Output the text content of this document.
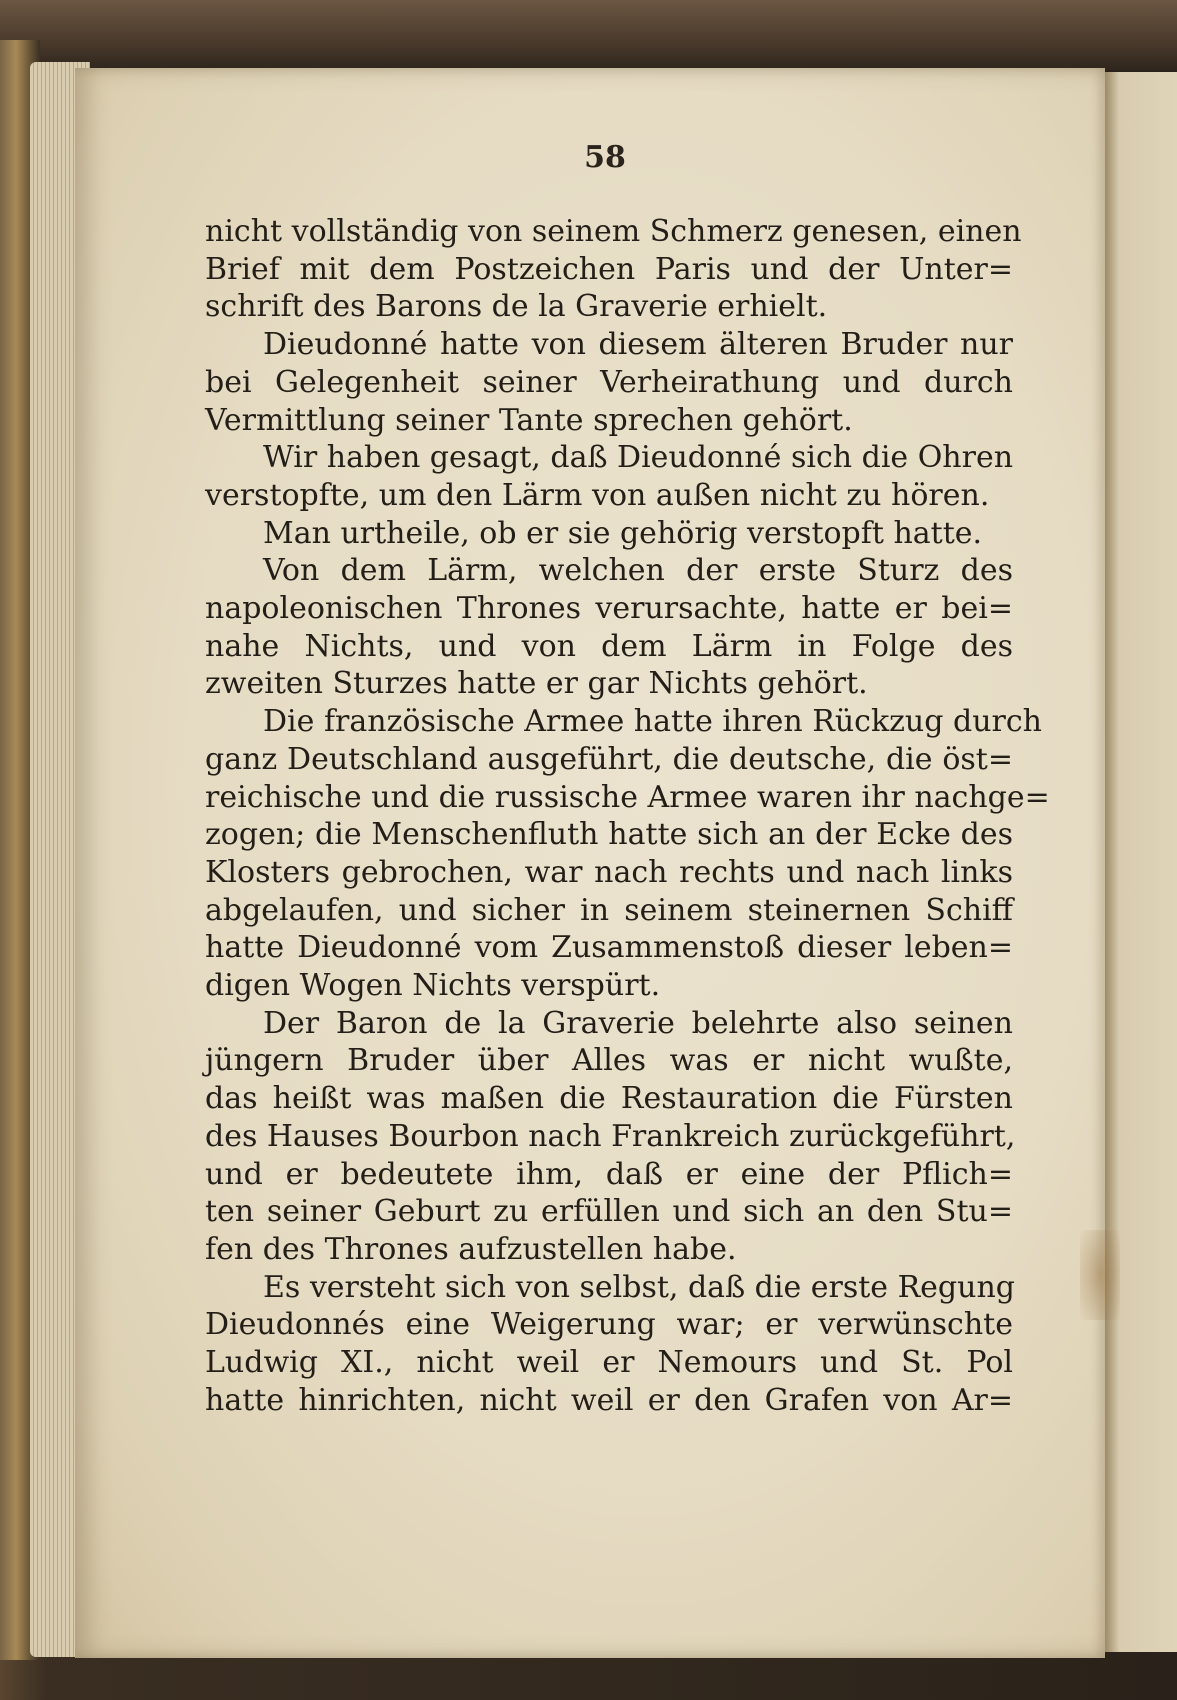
58
nicht vollständig von seinem Schmerz genesen, einen
Brief mit dem Postzeichen Paris und der Unter=
schrift des Barons de la Graverie erhielt.
Dieudonné hatte von diesem älteren Bruder nur
bei Gelegenheit seiner Verheirathung und durch
Vermittlung seiner Tante sprechen gehört.
Wir haben gesagt, daß Dieudonné sich die Ohren
verstopfte, um den Lärm von außen nicht zu hören.
Man urtheile, ob er sie gehörig verstopft hatte.
Von dem Lärm, welchen der erste Sturz des
napoleonischen Thrones verursachte, hatte er bei=
nahe Nichts, und von dem Lärm in Folge des
zweiten Sturzes hatte er gar Nichts gehört.
Die französische Armee hatte ihren Rückzug durch
ganz Deutschland ausgeführt, die deutsche, die öst=
reichische und die russische Armee waren ihr nachge=
zogen; die Menschenfluth hatte sich an der Ecke des
Klosters gebrochen, war nach rechts und nach links
abgelaufen, und sicher in seinem steinernen Schiff
hatte Dieudonné vom Zusammenstoß dieser leben=
digen Wogen Nichts verspürt.
Der Baron de la Graverie belehrte also seinen
jüngern Bruder über Alles was er nicht wußte,
das heißt was maßen die Restauration die Fürsten
des Hauses Bourbon nach Frankreich zurückgeführt,
und er bedeutete ihm, daß er eine der Pflich=
ten seiner Geburt zu erfüllen und sich an den Stu=
fen des Thrones aufzustellen habe.
Es versteht sich von selbst, daß die erste Regung
Dieudonnés eine Weigerung war; er verwünschte
Ludwig XI., nicht weil er Nemours und St. Pol
hatte hinrichten, nicht weil er den Grafen von Ar=
